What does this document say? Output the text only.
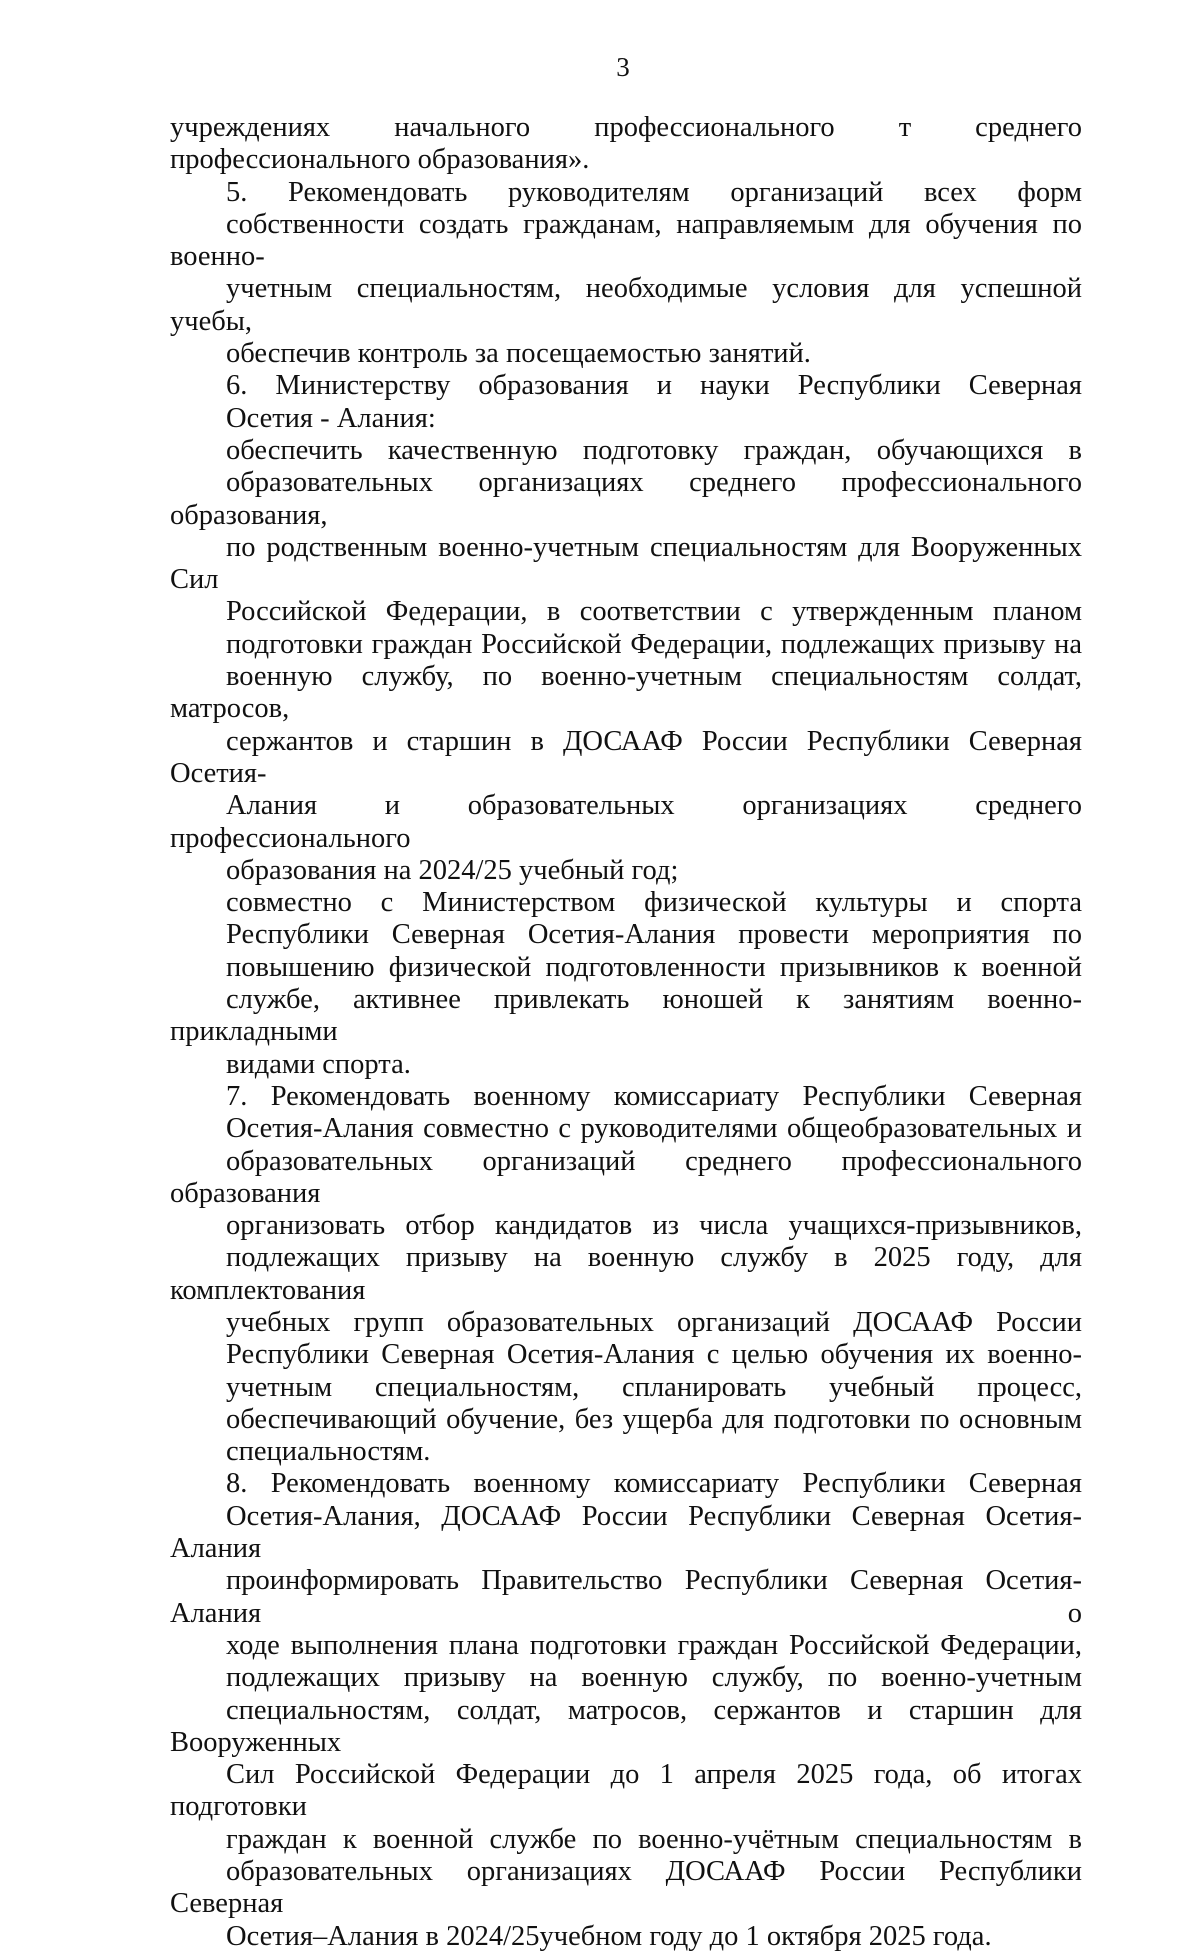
3

учреждениях начального профессионального т среднего
профессионального образования».

5. Рекомендовать руководителям организаций всех форм
собственности создать гражданам, направляемым для обучения по военно-
учетным специальностям, необходимые условия для успешной учебы,
обеспечив контроль за посещаемостью занятий.

6. Министерству образования и науки Республики Северная
Осетия - Алания:

обеспечить качественную подготовку граждан, обучающихся в
образовательных организациях среднего профессионального образования,
по родственным военно-учетным специальностям для Вооруженных Сил
Российской Федерации, в соответствии с утвержденным планом
подготовки граждан Российской Федерации, подлежащих призыву на
военную службу, по военно-учетным специальностям солдат, матросов,
сержантов и старшин в ДОСААФ России Республики Северная Осетия-
Алания и образовательных организациях среднего профессионального
образования на 2024/25 учебный год;

совместно с Министерством физической культуры и спорта
Республики Северная Осетия-Алания провести мероприятия по
повышению физической подготовленности призывников к военной
службе, активнее привлекать юношей к занятиям военно-прикладными
видами спорта.

7. Рекомендовать военному комиссариату Республики Северная
Осетия-Алания совместно с руководителями общеобразовательных и
образовательных организаций среднего профессионального образования
организовать отбор кандидатов из числа учащихся-призывников,
подлежащих призыву на военную службу в 2025 году, для комплектования
учебных групп образовательных организаций ДОСААФ России
Республики Северная Осетия-Алания с целью обучения их военно-
учетным специальностям, спланировать учебный процесс,
обеспечивающий обучение, без ущерба для подготовки по основным
специальностям.

8. Рекомендовать военному комиссариату Республики Северная
Осетия-Алания, ДОСААФ России Республики Северная Осетия-Алания
проинформировать Правительство Республики Северная Осетия-Алания о
ходе выполнения плана подготовки граждан Российской Федерации,
подлежащих призыву на военную службу, по военно-учетным
специальностям, солдат, матросов, сержантов и старшин для Вооруженных
Сил Российской Федерации до 1 апреля 2025 года, об итогах подготовки
граждан к военной службе по военно-учётным специальностям в
образовательных организациях ДОСААФ России Республики Северная
Осетия–Алания в 2024/25учебном году до 1 октября 2025 года.
